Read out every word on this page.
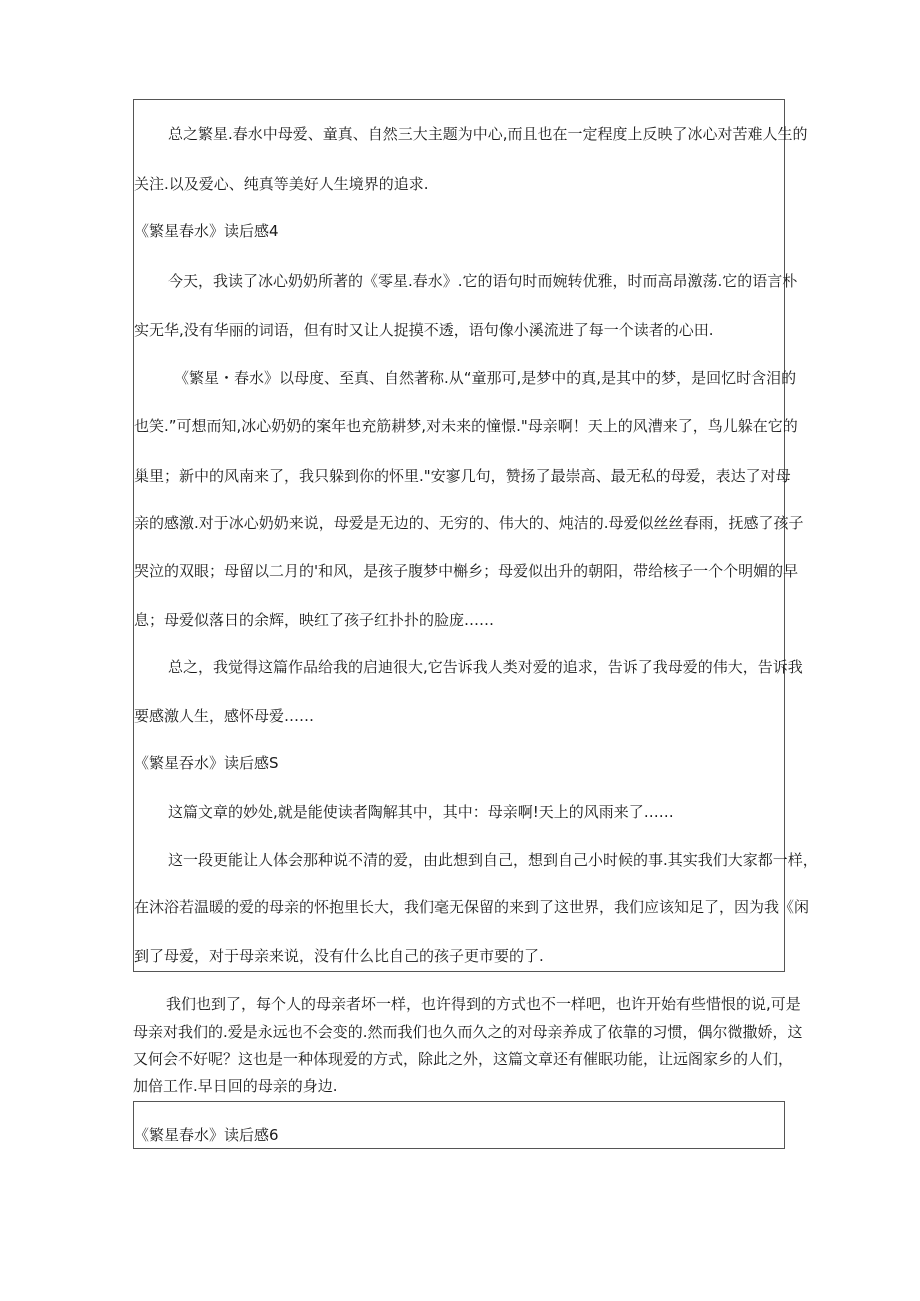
总之繁星.春水中母爱、童真、自然三大主题为中心,而且也在一定程度上反映了冰心对苦难人生的
关注.以及爱心、纯真等美好人生境界的追求.
《繁星春水》读后感4
今天，我读了冰心奶奶所著的《零星.春水》.它的语句时而婉转优雅，时而高昂激荡.它的语言朴
实无华,没有华丽的词语，但有时又让人捉摸不透，语句像小溪流进了每一个读者的心田.
《繁星・春水》以母度、至真、自然著称.从“童那可,是梦中的真,是其中的梦，是回忆时含泪的
也笑.”可想而知,冰心奶奶的案年也充筋耕梦,对未来的憧憬."母亲啊！天上的风漕来了，鸟儿躲在它的
巢里；新中的风南来了，我只躲到你的怀里."安寥几句，赞扬了最崇高、最无私的母爱，表达了对母
亲的感激.对于冰心奶奶来说，母爱是无边的、无穷的、伟大的、炖洁的.母爱似丝丝春雨，抚感了孩子
哭泣的双眼；母留以二月的'和风，是孩子腹梦中槲乡；母爱似出升的朝阳，带给核子一个个明媚的早
息；母爱似落日的余辉，映红了孩子红扑扑的脸庞……
总之，我觉得这篇作品给我的启迪很大,它告诉我人类对爱的追求，告诉了我母爱的伟大，告诉我
要感激人生，感怀母爱……
《繁星吞水》读后感S
这篇文章的妙处,就是能使读者陶解其中，其中：母亲啊!天上的风雨来了……
这一段更能让人体会那种说不清的爱，由此想到自己，想到自己小时候的事.其实我们大家都一样，
在沐浴若温暖的爱的母亲的怀抱里长大，我们毫无保留的来到了这世界，我们应该知足了，因为我《闲
到了母爱，对于母亲来说，没有什么比自己的孩子更市要的了.
我们也到了，每个人的母亲者坏一样，也许得到的方式也不一样吧，也许开始有些惜恨的说,可是
母亲对我们的.爱是永远也不会变的.然而我们也久而久之的对母亲养成了依靠的习惯，偶尔微撒娇，这
又何会不好呢？这也是一种体现爱的方式，除此之外，这篇文章还有催眠功能，让远阁家乡的人们，
加倍工作.早日回的母亲的身边.
《繁星春水》读后感6
